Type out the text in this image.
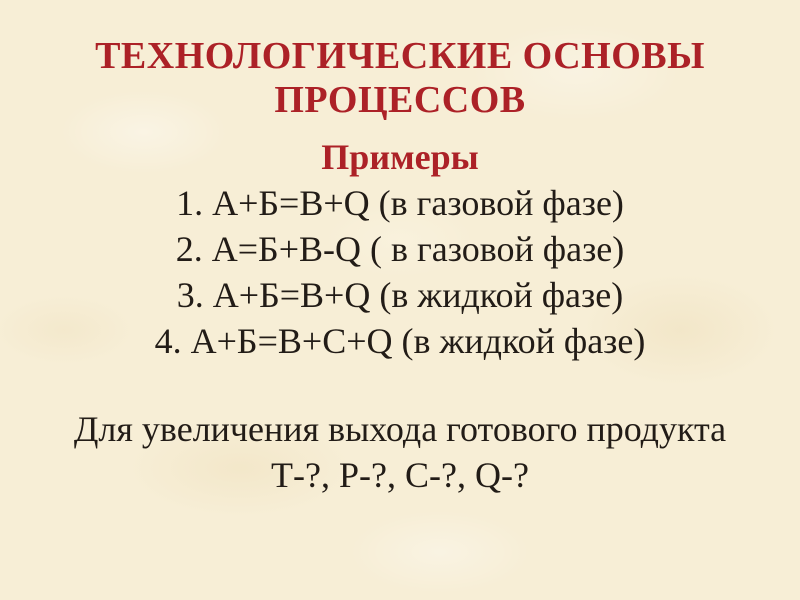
ТЕХНОЛОГИЧЕСКИЕ ОСНОВЫ ПРОЦЕССОВ
Примеры
1. А+Б=В+Q (в газовой фазе)
2. А=Б+В-Q ( в газовой фазе)
3. А+Б=В+Q (в жидкой фазе)
4. А+Б=В+С+Q (в жидкой фазе)
Для увеличения выхода готового продукта
Т-?, Р-?, С-?, Q-?
